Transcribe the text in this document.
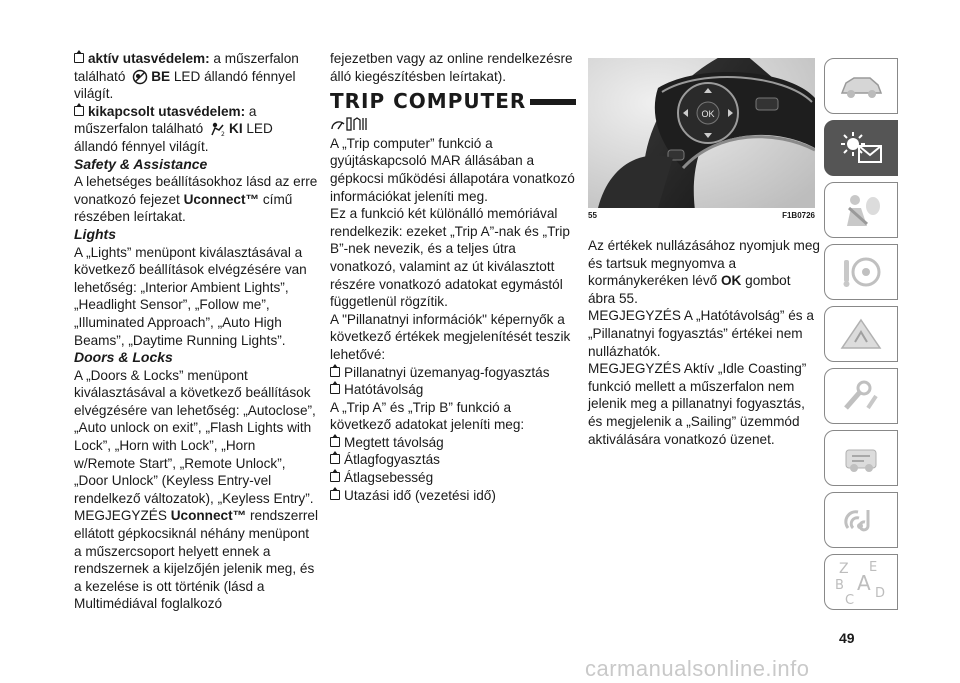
aktív utasvédelem: a műszerfalon található BE LED állandó fénnyel világít.

kikapcsolt utasvédelem: a műszerfalon található	2 KI LED állandó fénnyel világít.

Safety & Assistance

A lehetséges beállításokhoz lásd az erre vonatkozó fejezet Uconnect™ című részében leírtakat.

Lights

A „Lights” menüpont kiválasztásával a következő beállítások elvégzésére van lehetőség: „Interior Ambient Lights”, „Headlight Sensor”, „Follow me”, „Illuminated Approach”, „Auto High Beams”, „Daytime Running Lights”.

Doors & Locks

A „Doors & Locks” menüpont kiválasztásával a következő beállítások elvégzésére van lehetőség: „Autoclose”, „Auto unlock on exit”, „Flash Lights with Lock”, „Horn with Lock”, „Horn w/Remote Start”, „Remote Unlock”, „Door Unlock” (Keyless Entry-vel rendelkező változatok), „Keyless Entry”.

MEGJEGYZÉS Uconnect™ rendszerrel ellátott gépkocsiknál néhány menüpont a műszercsoport helyett ennek a rendszernek a kijelzőjén jelenik meg, és a kezelése is ott történik (lásd a Multimédiával foglalkozó

fejezetben vagy az online rendelkezésre álló kiegészítésben leírtakat).

TRIP COMPUTER

A „Trip computer” funkció a gyújtáskapcsoló MAR állásában a gépkocsi működési állapotára vonatkozó információkat jeleníti meg.

Ez a funkció két különálló memóriával rendelkezik: ezeket „Trip A”-nak és „Trip B”-nek nevezik, és a teljes útra vonatkozó, valamint az út kiválasztott részére vonatkozó adatokat egymástól függetlenül rögzítik.

A "Pillanatnyi információk" képernyők a következő értékek megjelenítését teszik lehetővé:

Pillanatnyi üzemanyag-fogyasztás

Hatótávolság

A „Trip A” és „Trip B” funkció a következő adatokat jeleníti meg:

Megtett távolság

Átlagfogyasztás

Átlagsebesség

Utazási idő (vezetési idő)

OK
55	F1B0726

Az értékek nullázásához nyomjuk meg és tartsuk megnyomva a kormánykeréken lévő OK gombot ábra 55.

MEGJEGYZÉS A „Hatótávolság” és a „Pillanatnyi fogyasztás” értékei nem nullázhatók.

MEGJEGYZÉS Aktív „Idle Coasting” funkció mellett a műszerfalon nem jelenik meg a pillanatnyi fogyasztás, és megjelenik a „Sailing” üzemmód aktiválására vonatkozó üzenet.

Z E
B A
C D
49
carmanualsonline.info
